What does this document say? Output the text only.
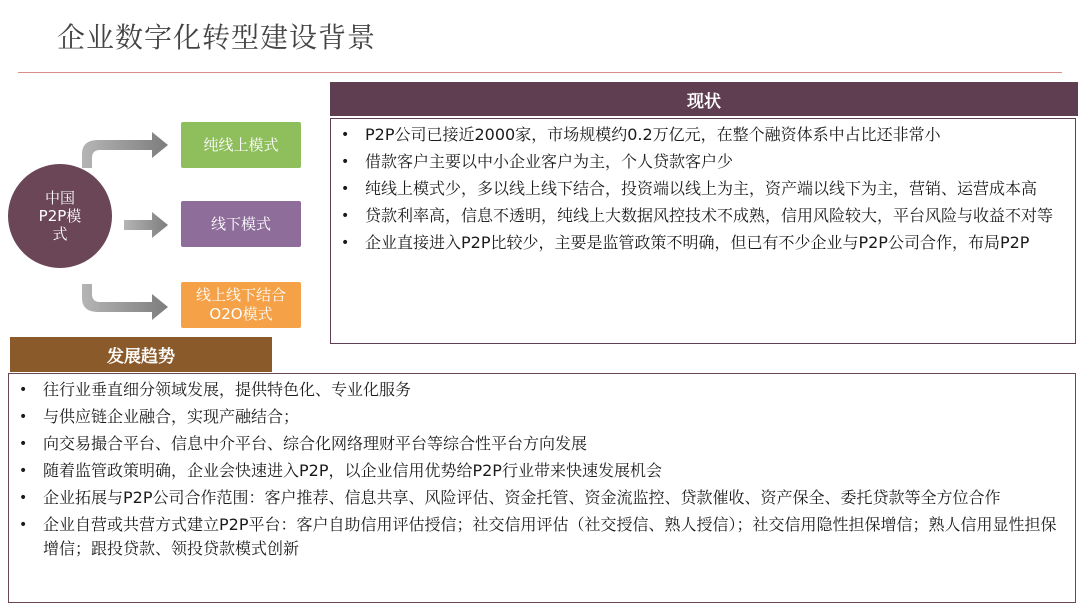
企业数字化转型建设背景
中国
P2P模
式
纯线上模式
线下模式
线上线下结合
O2O模式
现状
• P2P公司已接近2000家，市场规模约0.2万亿元，在整个融资体系中占比还非常小
• 借款客户主要以中小企业客户为主，个人贷款客户少
• 纯线上模式少，多以线上线下结合，投资端以线上为主，资产端以线下为主，营销、运营成本高
• 贷款利率高，信息不透明，纯线上大数据风控技术不成熟，信用风险较大，平台风险与收益不对等
• 企业直接进入P2P比较少，主要是监管政策不明确，但已有不少企业与P2P公司合作，布局P2P
发展趋势
• 往行业垂直细分领域发展，提供特色化、专业化服务
• 与供应链企业融合，实现产融结合；
• 向交易撮合平台、信息中介平台、综合化网络理财平台等综合性平台方向发展
• 随着监管政策明确，企业会快速进入P2P，以企业信用优势给P2P行业带来快速发展机会
• 企业拓展与P2P公司合作范围：客户推荐、信息共享、风险评估、资金托管、资金流监控、贷款催收、资产保全、委托贷款等全方位合作
• 企业自营或共营方式建立P2P平台：客户自助信用评估授信；社交信用评估（社交授信、熟人授信）；社交信用隐性担保增信；熟人信用显性担保增信；跟投贷款、领投贷款模式创新
